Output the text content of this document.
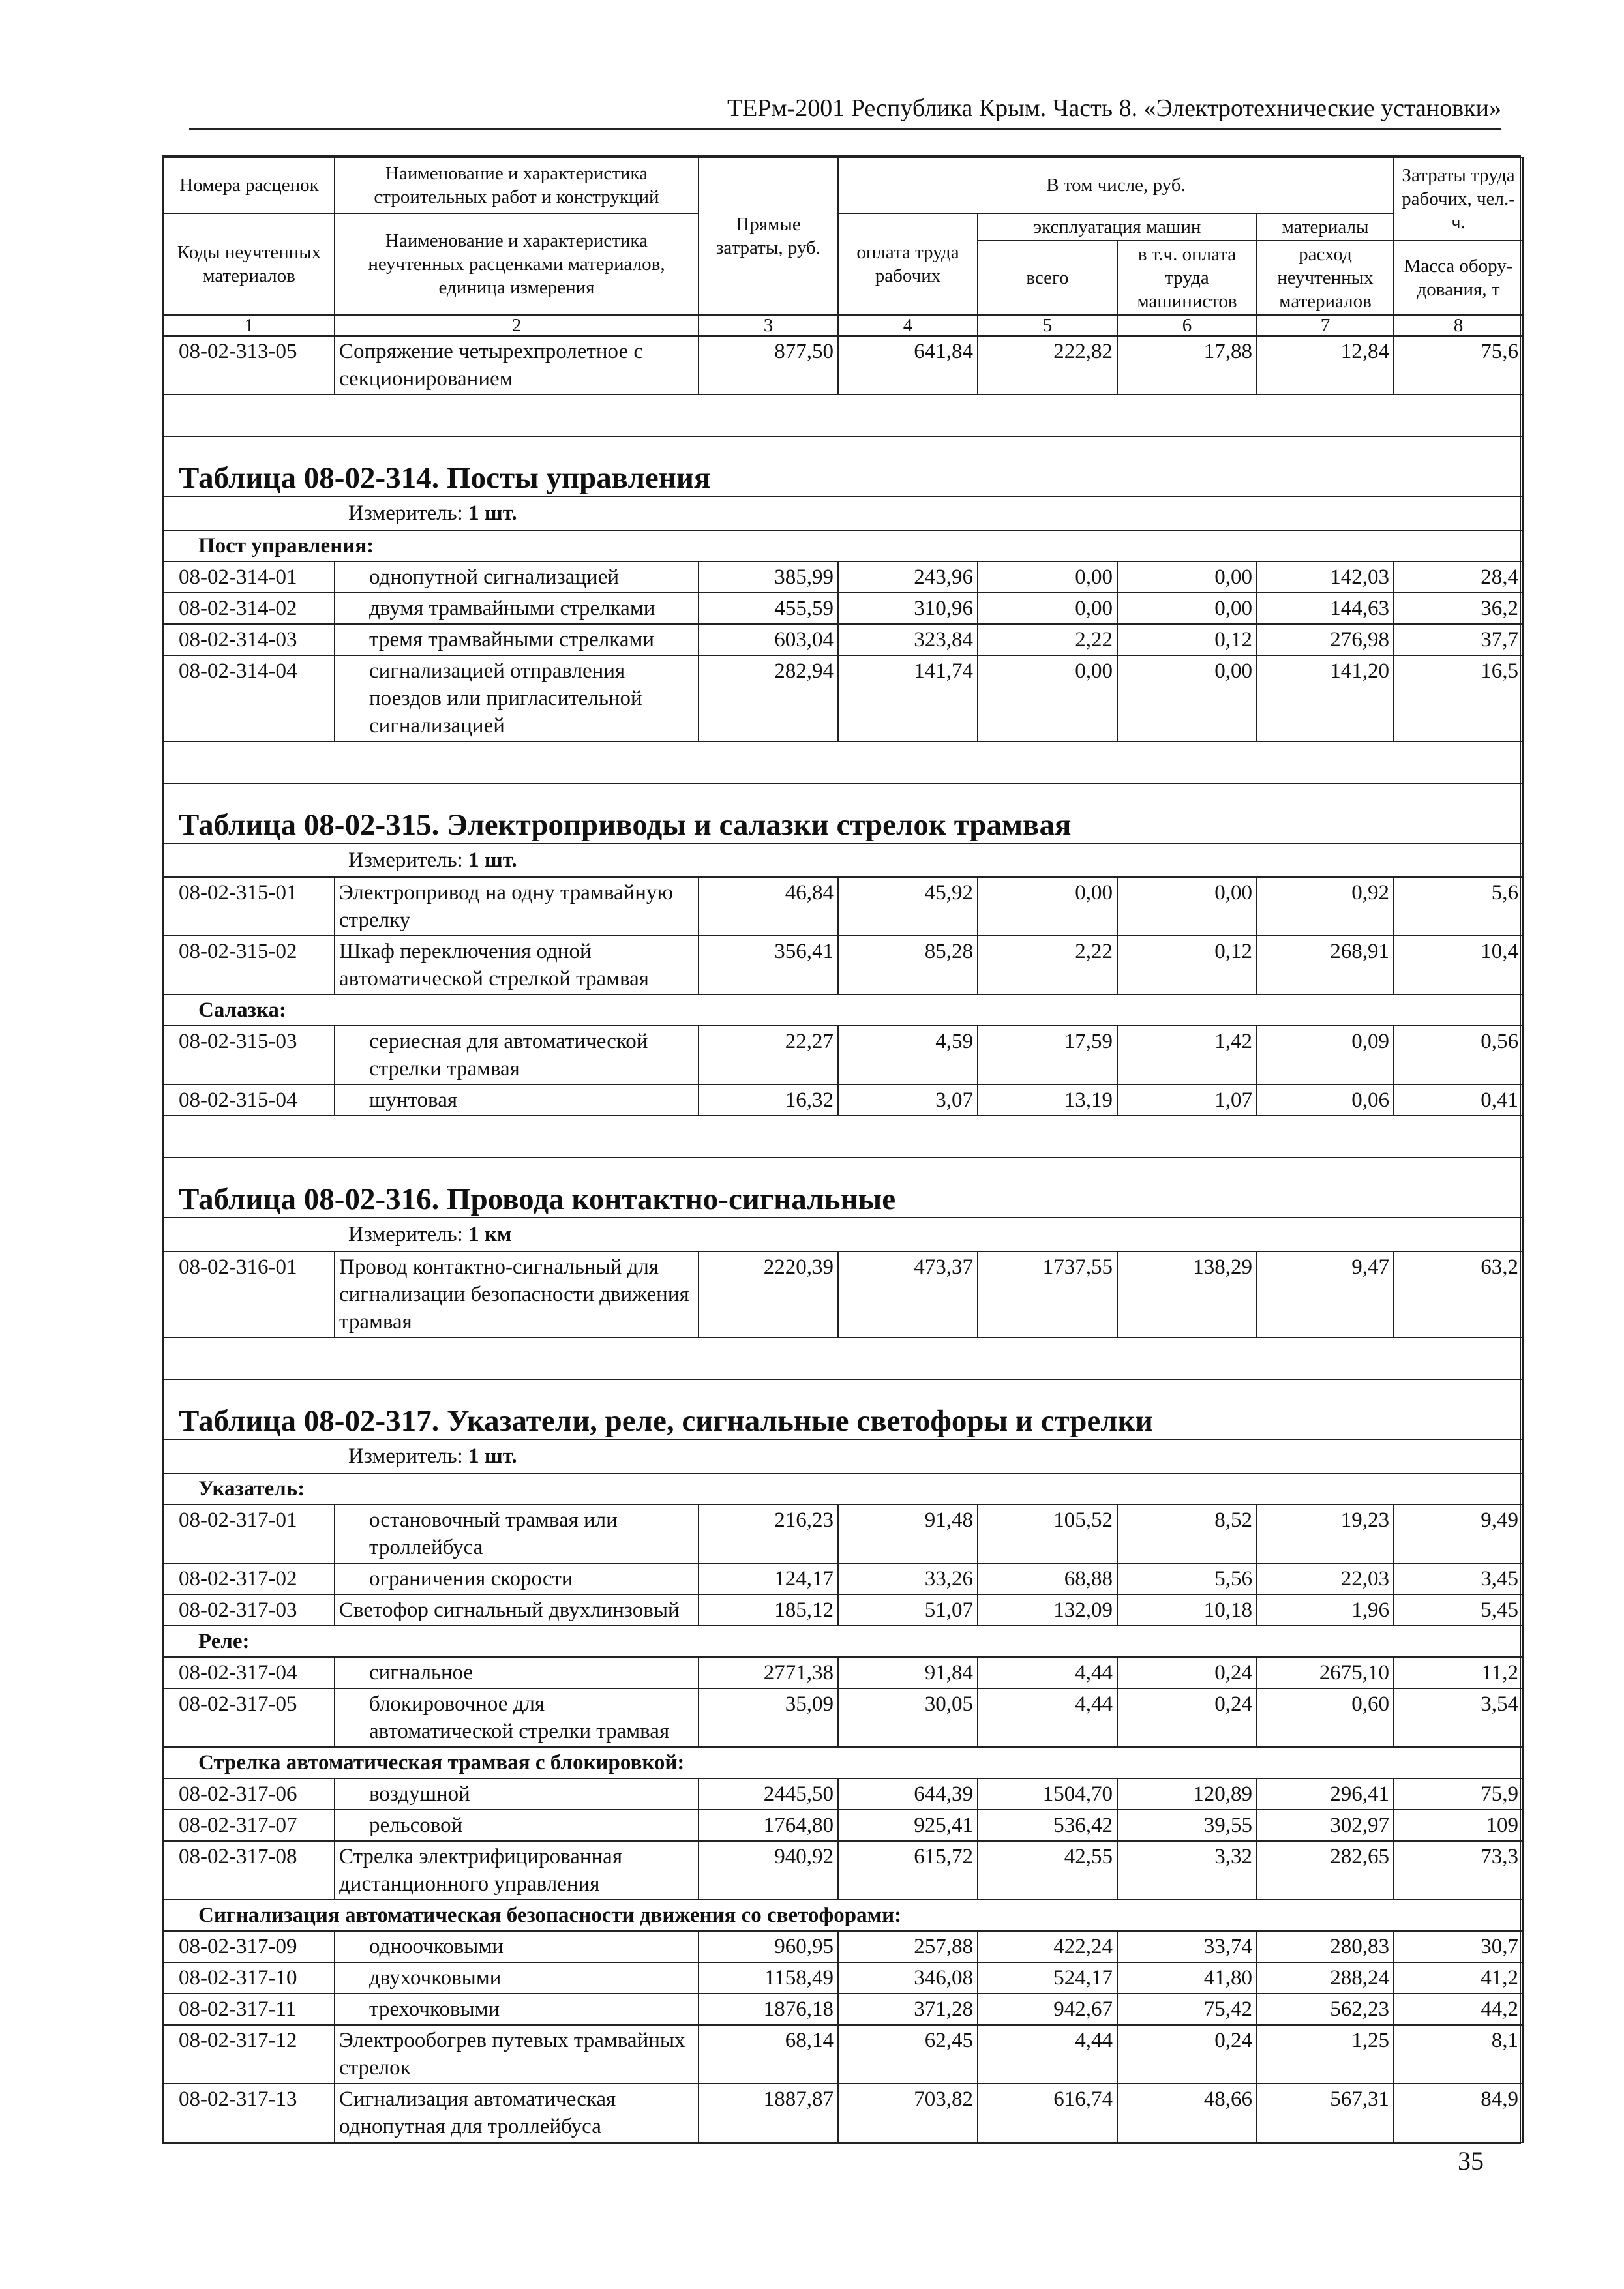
ТЕРм-2001 Республика Крым. Часть 8. «Электротехнические установки»
Номера расценок	Наименование и характеристика строительных работ и конструкций	Прямые затраты, руб.	В том числе, руб.				Затраты труда рабочих, чел.-ч.
Коды неучтенных материалов	Наименование и характеристика неучтенных расценками материалов, единица измерения		оплата труда рабочих	эксплуатация машин		материалы	
				всего	в т.ч. оплата труда машинистов	расход неучтенных материалов	
							Масса обору-дования, т
1	2	3	4	5	6	7	8
08-02-313-05	Сопряжение четырехпролетное с секционированием	877,50	641,84	222,82	17,88	12,84	75,6

Таблица 08-02-314. Посты управления							
Измеритель: 1 шт.							
Пост управления:							
08-02-314-01	однопутной сигнализацией	385,99	243,96	0,00	0,00	142,03	28,4
08-02-314-02	двумя трамвайными стрелками	455,59	310,96	0,00	0,00	144,63	36,2
08-02-314-03	тремя трамвайными стрелками	603,04	323,84	2,22	0,12	276,98	37,7
08-02-314-04	сигнализацией отправления поездов или пригласительной сигнализацией	282,94	141,74	0,00	0,00	141,20	16,5

Таблица 08-02-315. Электроприводы и салазки стрелок трамвая							
Измеритель: 1 шт.							
08-02-315-01	Электропривод на одну трамвайную стрелку	46,84	45,92	0,00	0,00	0,92	5,6
08-02-315-02	Шкаф переключения одной автоматической стрелкой трамвая	356,41	85,28	2,22	0,12	268,91	10,4
Салазка:							
08-02-315-03	сериесная для автоматической стрелки трамвая	22,27	4,59	17,59	1,42	0,09	0,56
08-02-315-04	шунтовая	16,32	3,07	13,19	1,07	0,06	0,41

Таблица 08-02-316. Провода контактно-сигнальные							
Измеритель: 1 км							
08-02-316-01	Провод контактно-сигнальный для сигнализации безопасности движения трамвая	2220,39	473,37	1737,55	138,29	9,47	63,2

Таблица 08-02-317. Указатели, реле, сигнальные светофоры и стрелки							
Измеритель: 1 шт.							
Указатель:							
08-02-317-01	остановочный трамвая или троллейбуса	216,23	91,48	105,52	8,52	19,23	9,49
08-02-317-02	ограничения скорости	124,17	33,26	68,88	5,56	22,03	3,45
08-02-317-03	Светофор сигнальный двухлинзовый	185,12	51,07	132,09	10,18	1,96	5,45
Реле:							
08-02-317-04	сигнальное	2771,38	91,84	4,44	0,24	2675,10	11,2
08-02-317-05	блокировочное для автоматической стрелки трамвая	35,09	30,05	4,44	0,24	0,60	3,54
Стрелка автоматическая трамвая с блокировкой:							
08-02-317-06	воздушной	2445,50	644,39	1504,70	120,89	296,41	75,9
08-02-317-07	рельсовой	1764,80	925,41	536,42	39,55	302,97	109
08-02-317-08	Стрелка электрифицированная дистанционного управления	940,92	615,72	42,55	3,32	282,65	73,3
Сигнализация автоматическая безопасности движения со светофорами:							
08-02-317-09	одноочковыми	960,95	257,88	422,24	33,74	280,83	30,7
08-02-317-10	двухочковыми	1158,49	346,08	524,17	41,80	288,24	41,2
08-02-317-11	трехочковыми	1876,18	371,28	942,67	75,42	562,23	44,2
08-02-317-12	Электрообогрев путевых трамвайных стрелок	68,14	62,45	4,44	0,24	1,25	8,1
08-02-317-13	Сигнализация автоматическая однопутная для троллейбуса	1887,87	703,82	616,74	48,66	567,31	84,9
35
